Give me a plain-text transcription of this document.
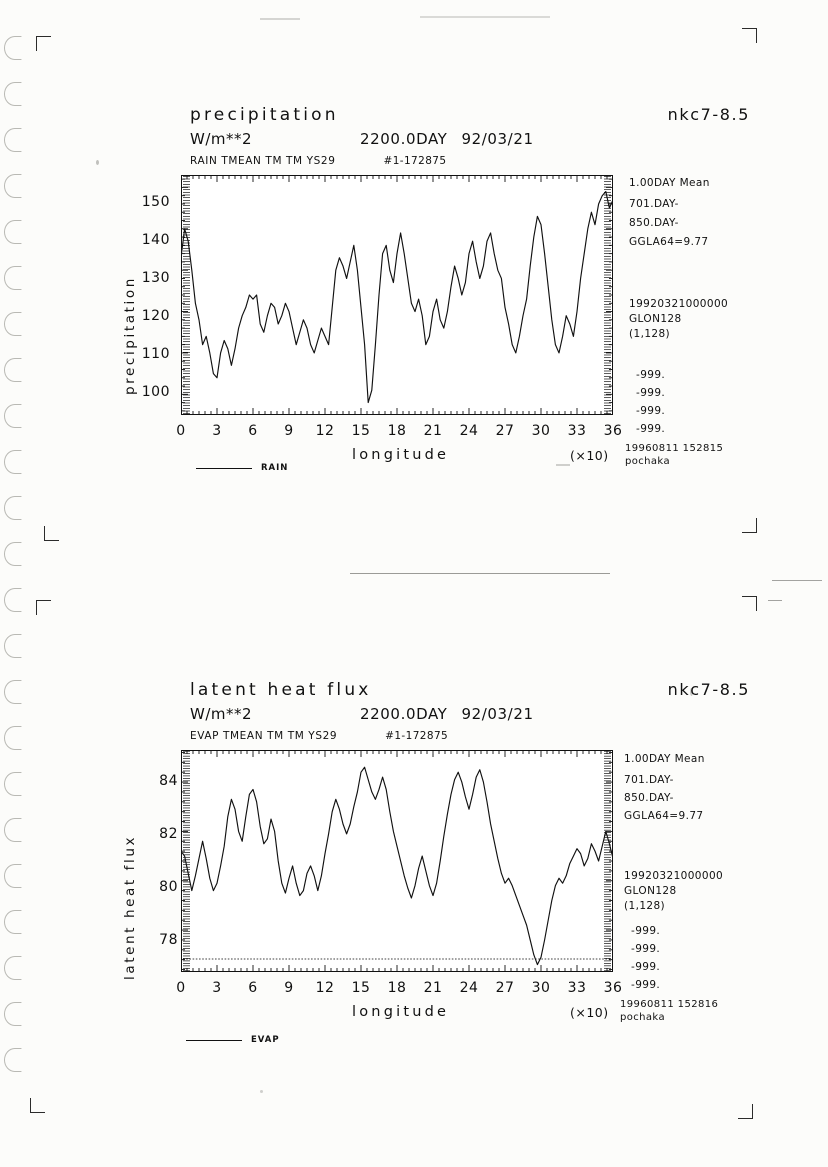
precipitation	nkc7-8.5
W/m**2	2200.0DAY 92/03/21
RAIN TMEAN TM TM YS29	#1-172875
precipitation
150
140
130
120
110
100
0	3	6	9	12	15	18	21	24	27	30	33	36
(×10)
longitude
1.00DAY Mean
701.DAY-
850.DAY-
GGLA64=9.77
19920321000000
GLON128
(1,128)
-999.
-999.
-999.
-999.
19960811 152815
pochaka
RAIN
latent heat flux	nkc7-8.5
W/m**2	2200.0DAY 92/03/21
EVAP TMEAN TM TM YS29	#1-172875
latent heat flux
84
82
80
78
0	3	6	9	12	15	18	21	24	27	30	33	36
(×10)
longitude
1.00DAY Mean
701.DAY-
850.DAY-
GGLA64=9.77
19920321000000
GLON128
(1,128)
-999.
-999.
-999.
-999.
19960811 152816
pochaka
EVAP
